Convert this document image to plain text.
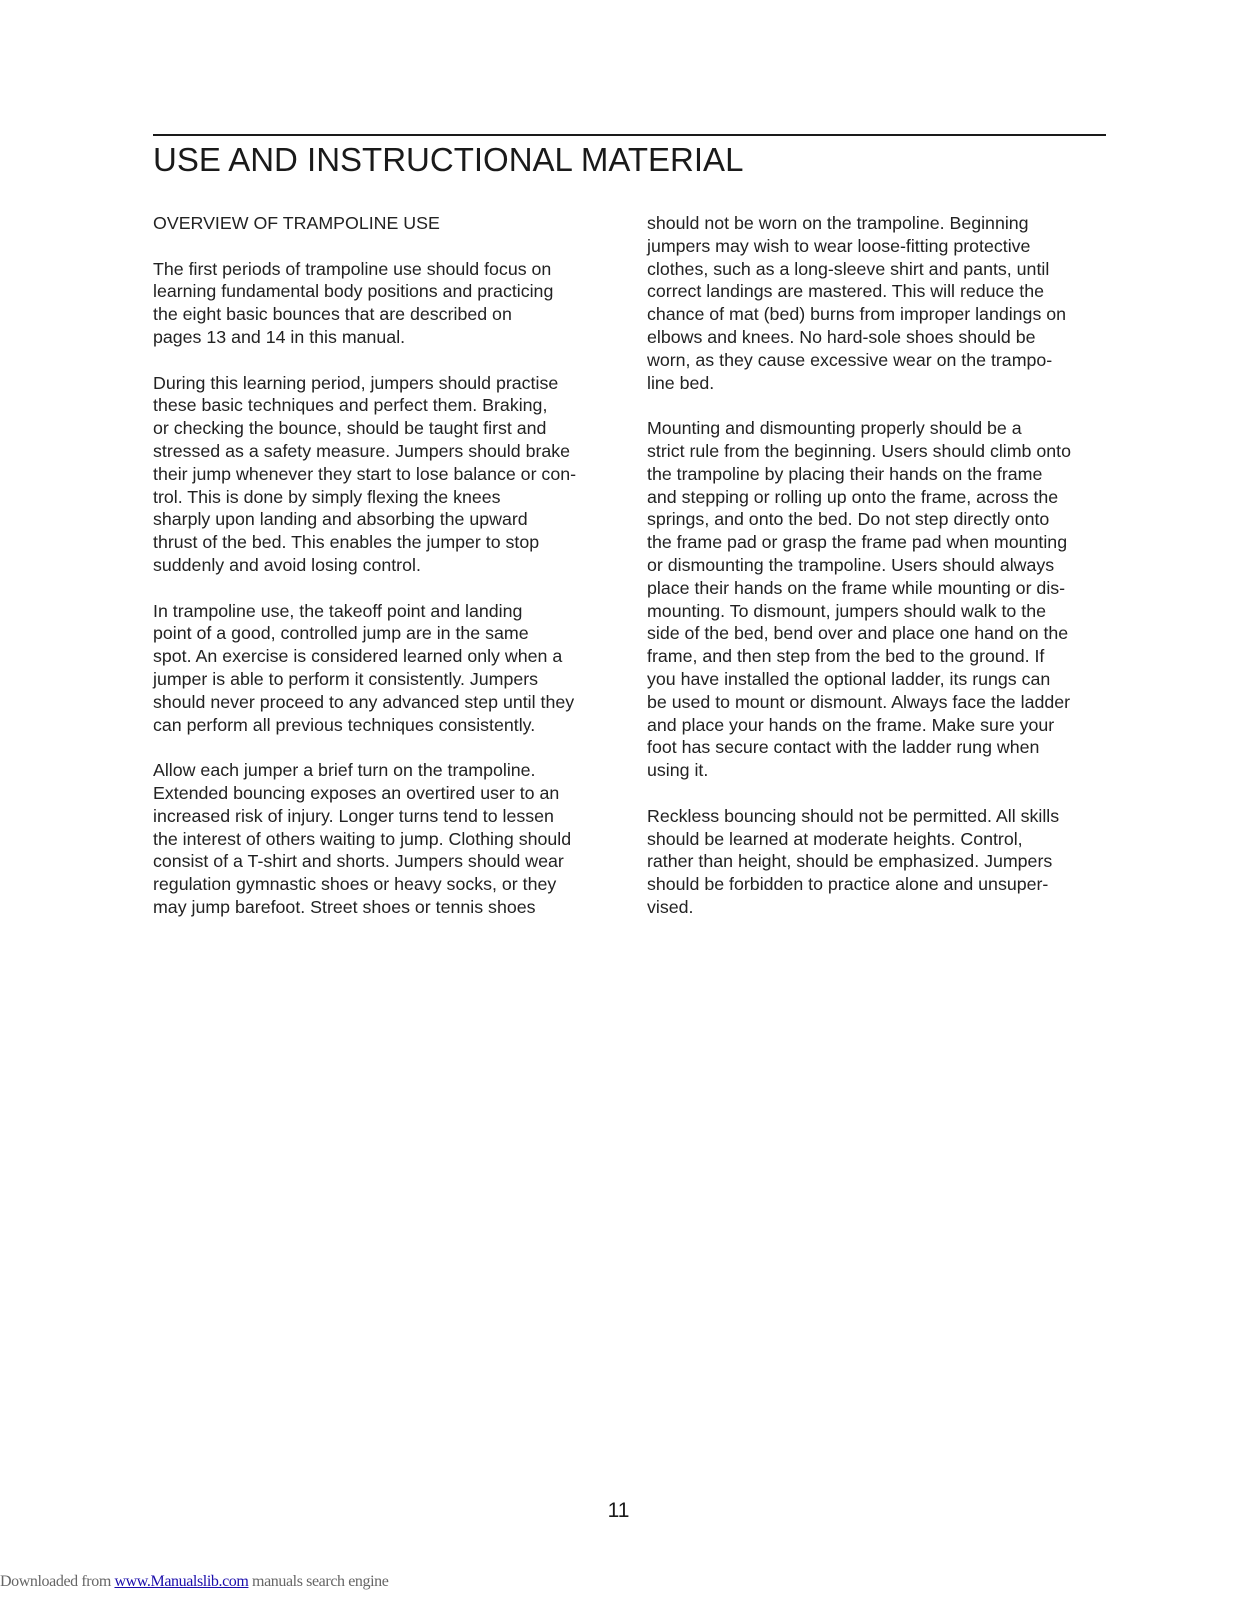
USE AND INSTRUCTIONAL MATERIAL
OVERVIEW OF TRAMPOLINE USE
The first periods of trampoline use should focus on
learning fundamental body positions and practicing
the eight basic bounces that are described on
pages 13 and 14 in this manual.
During this learning period, jumpers should practise
these basic techniques and perfect them. Braking,
or checking the bounce, should be taught first and
stressed as a safety measure. Jumpers should brake
their jump whenever they start to lose balance or con-
trol. This is done by simply flexing the knees
sharply upon landing and absorbing the upward
thrust of the bed. This enables the jumper to stop
suddenly and avoid losing control.
In trampoline use, the takeoff point and landing
point of a good, controlled jump are in the same
spot. An exercise is considered learned only when a
jumper is able to perform it consistently. Jumpers
should never proceed to any advanced step until they
can perform all previous techniques consistently.
Allow each jumper a brief turn on the trampoline.
Extended bouncing exposes an overtired user to an
increased risk of injury. Longer turns tend to lessen
the interest of others waiting to jump. Clothing should
consist of a T-shirt and shorts. Jumpers should wear
regulation gymnastic shoes or heavy socks, or they
may jump barefoot. Street shoes or tennis shoes
should not be worn on the trampoline. Beginning
jumpers may wish to wear loose-fitting protective
clothes, such as a long-sleeve shirt and pants, until
correct landings are mastered. This will reduce the
chance of mat (bed) burns from improper landings on
elbows and knees. No hard-sole shoes should be
worn, as they cause excessive wear on the trampo-
line bed.
Mounting and dismounting properly should be a
strict rule from the beginning. Users should climb onto
the trampoline by placing their hands on the frame
and stepping or rolling up onto the frame, across the
springs, and onto the bed. Do not step directly onto
the frame pad or grasp the frame pad when mounting
or dismounting the trampoline. Users should always
place their hands on the frame while mounting or dis-
mounting. To dismount, jumpers should walk to the
side of the bed, bend over and place one hand on the
frame, and then step from the bed to the ground. If
you have installed the optional ladder, its rungs can
be used to mount or dismount. Always face the ladder
and place your hands on the frame. Make sure your
foot has secure contact with the ladder rung when
using it.
Reckless bouncing should not be permitted. All skills
should be learned at moderate heights. Control,
rather than height, should be emphasized. Jumpers
should be forbidden to practice alone and unsuper-
vised.
11
Downloaded from www.Manualslib.com manuals search engine
